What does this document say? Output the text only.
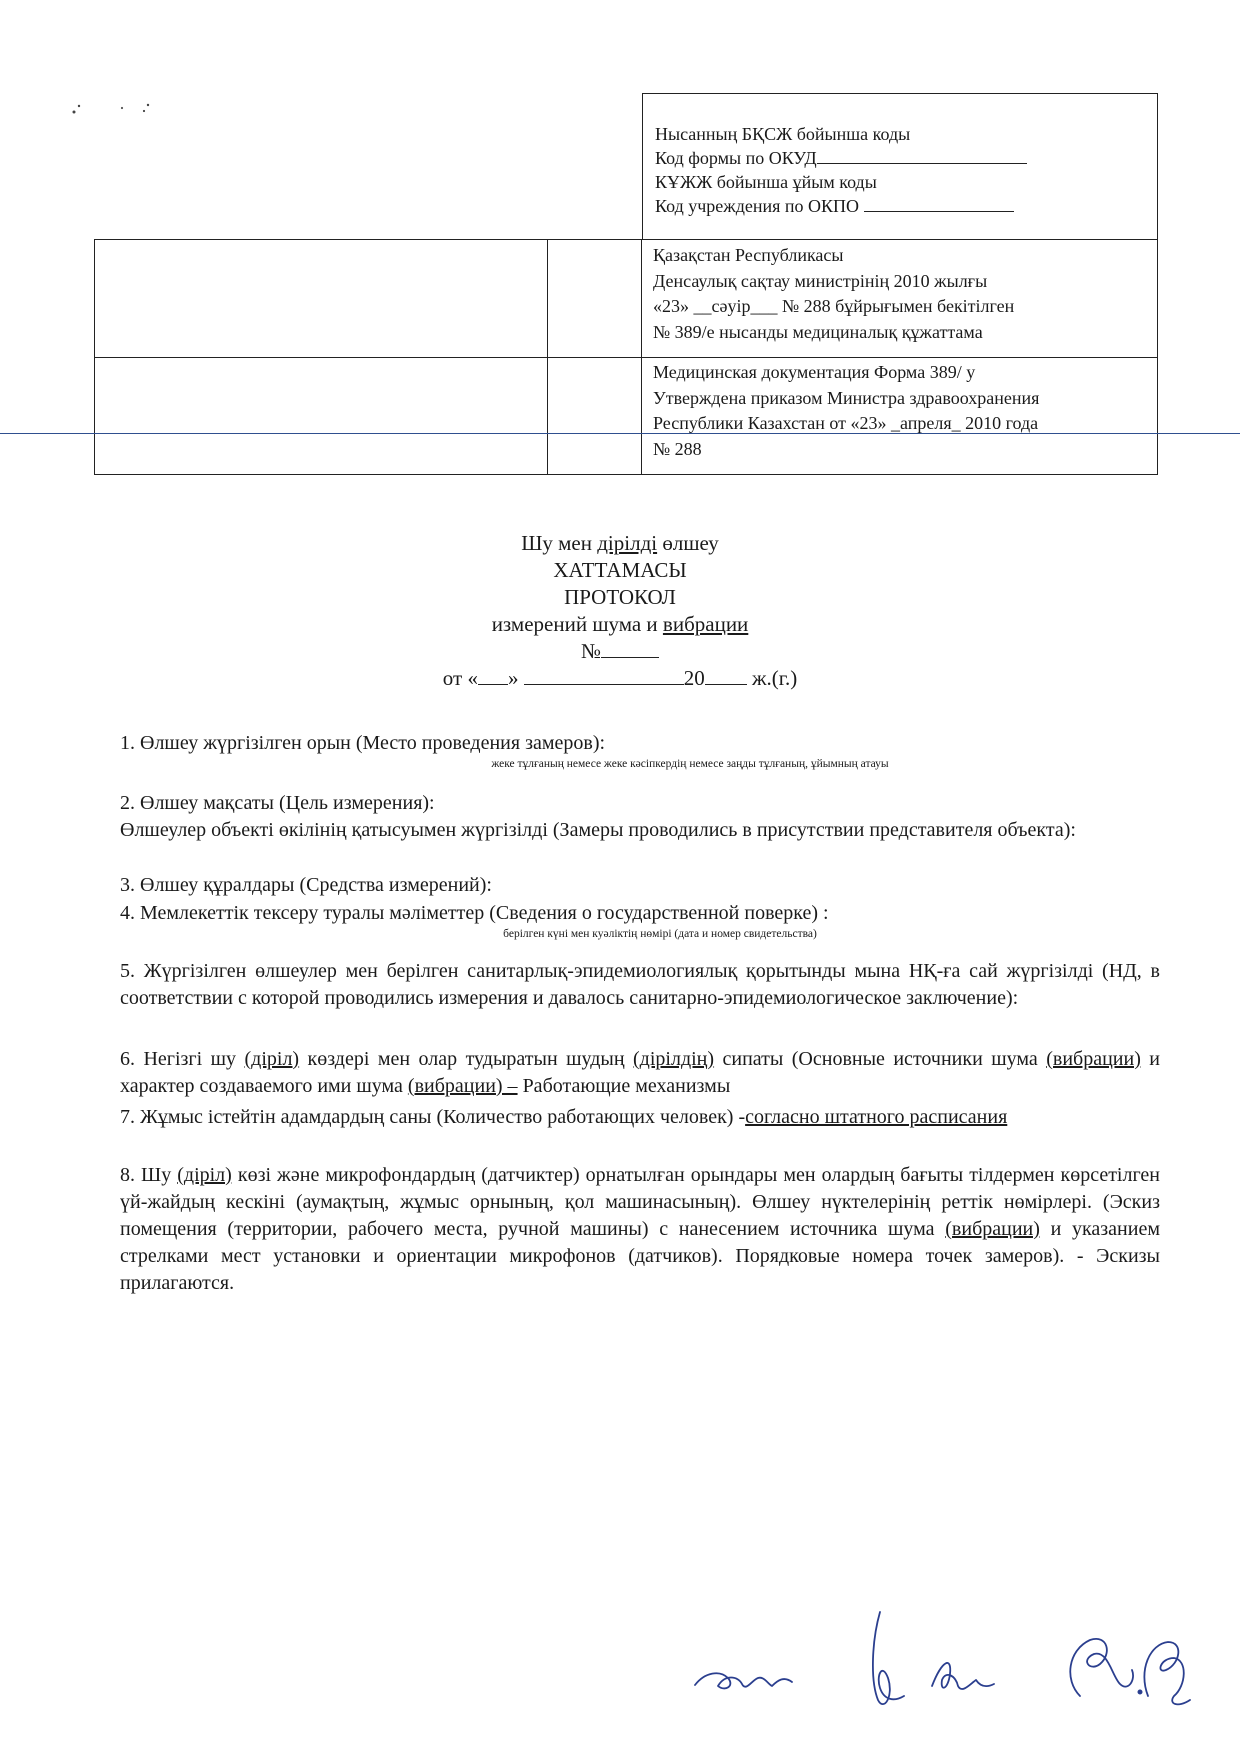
Нысанның БҚСЖ бойынша коды
Код формы по ОКУД
КҰЖЖ бойынша ұйым коды
Код учреждения по ОКПО
Қазақстан Республикасы
Денсаулық сақтау министрінің 2010 жылғы
«23» __сәуір___ № 288 бұйрығымен бекітілген
№ 389/е нысанды медициналық құжаттама
Медицинская документация Форма 389/ у
Утверждена приказом Министра здравоохранения
Республики Казахстан от «23» _апреля_ 2010 года
№ 288
Шу мен дірілді өлшеу
ХАТТАМАСЫ
ПРОТОКОЛ
измерений шума и вибрации
№
от « »	20 ж.(г.)
1. Өлшеу жүргізілген орын (Место проведения замеров):
жеке тұлғаның немесе жеке кәсіпкердің немесе заңды тұлғаның, ұйымның атауы
2. Өлшеу мақсаты (Цель измерения):
Өлшеулер объекті өкілінің қатысуымен жүргізілді (Замеры проводились в присутствии представителя объекта):
3. Өлшеу құралдары (Средства измерений):
4. Мемлекеттік тексеру туралы мәліметтер (Сведения о государственной поверке) :
берілген күні мен куәліктің нөмірі (дата и номер свидетельства)
5. Жүргізілген өлшеулер мен берілген санитарлық-эпидемиологиялық қорытынды мына НҚ-ға сай жүргізілді (НД, в соответствии с которой проводились измерения и давалось санитарно-эпидемиологическое заключение):
6. Негізгі шу (діріл) көздері мен олар тудыратын шудың (дірілдің) сипаты (Основные источники шума (вибрации) и характер создаваемого ими шума (вибрации) – Работающие механизмы
7. Жұмыс істейтін адамдардың саны (Количество работающих человек) -согласно штатного расписания
8. Шу (діріл) көзі және микрофондардың (датчиктер) орнатылған орындары мен олардың бағыты тілдермен көрсетілген үй-жайдың кескіні (аумақтың, жұмыс орнының, қол машинасының). Өлшеу нүктелерінің реттік нөмірлері. (Эскиз помещения (территории, рабочего места, ручной машины) с нанесением источника шума (вибрации) и указанием стрелками мест установки и ориентации микрофонов (датчиков). Порядковые номера точек замеров). - Эскизы прилагаются.
